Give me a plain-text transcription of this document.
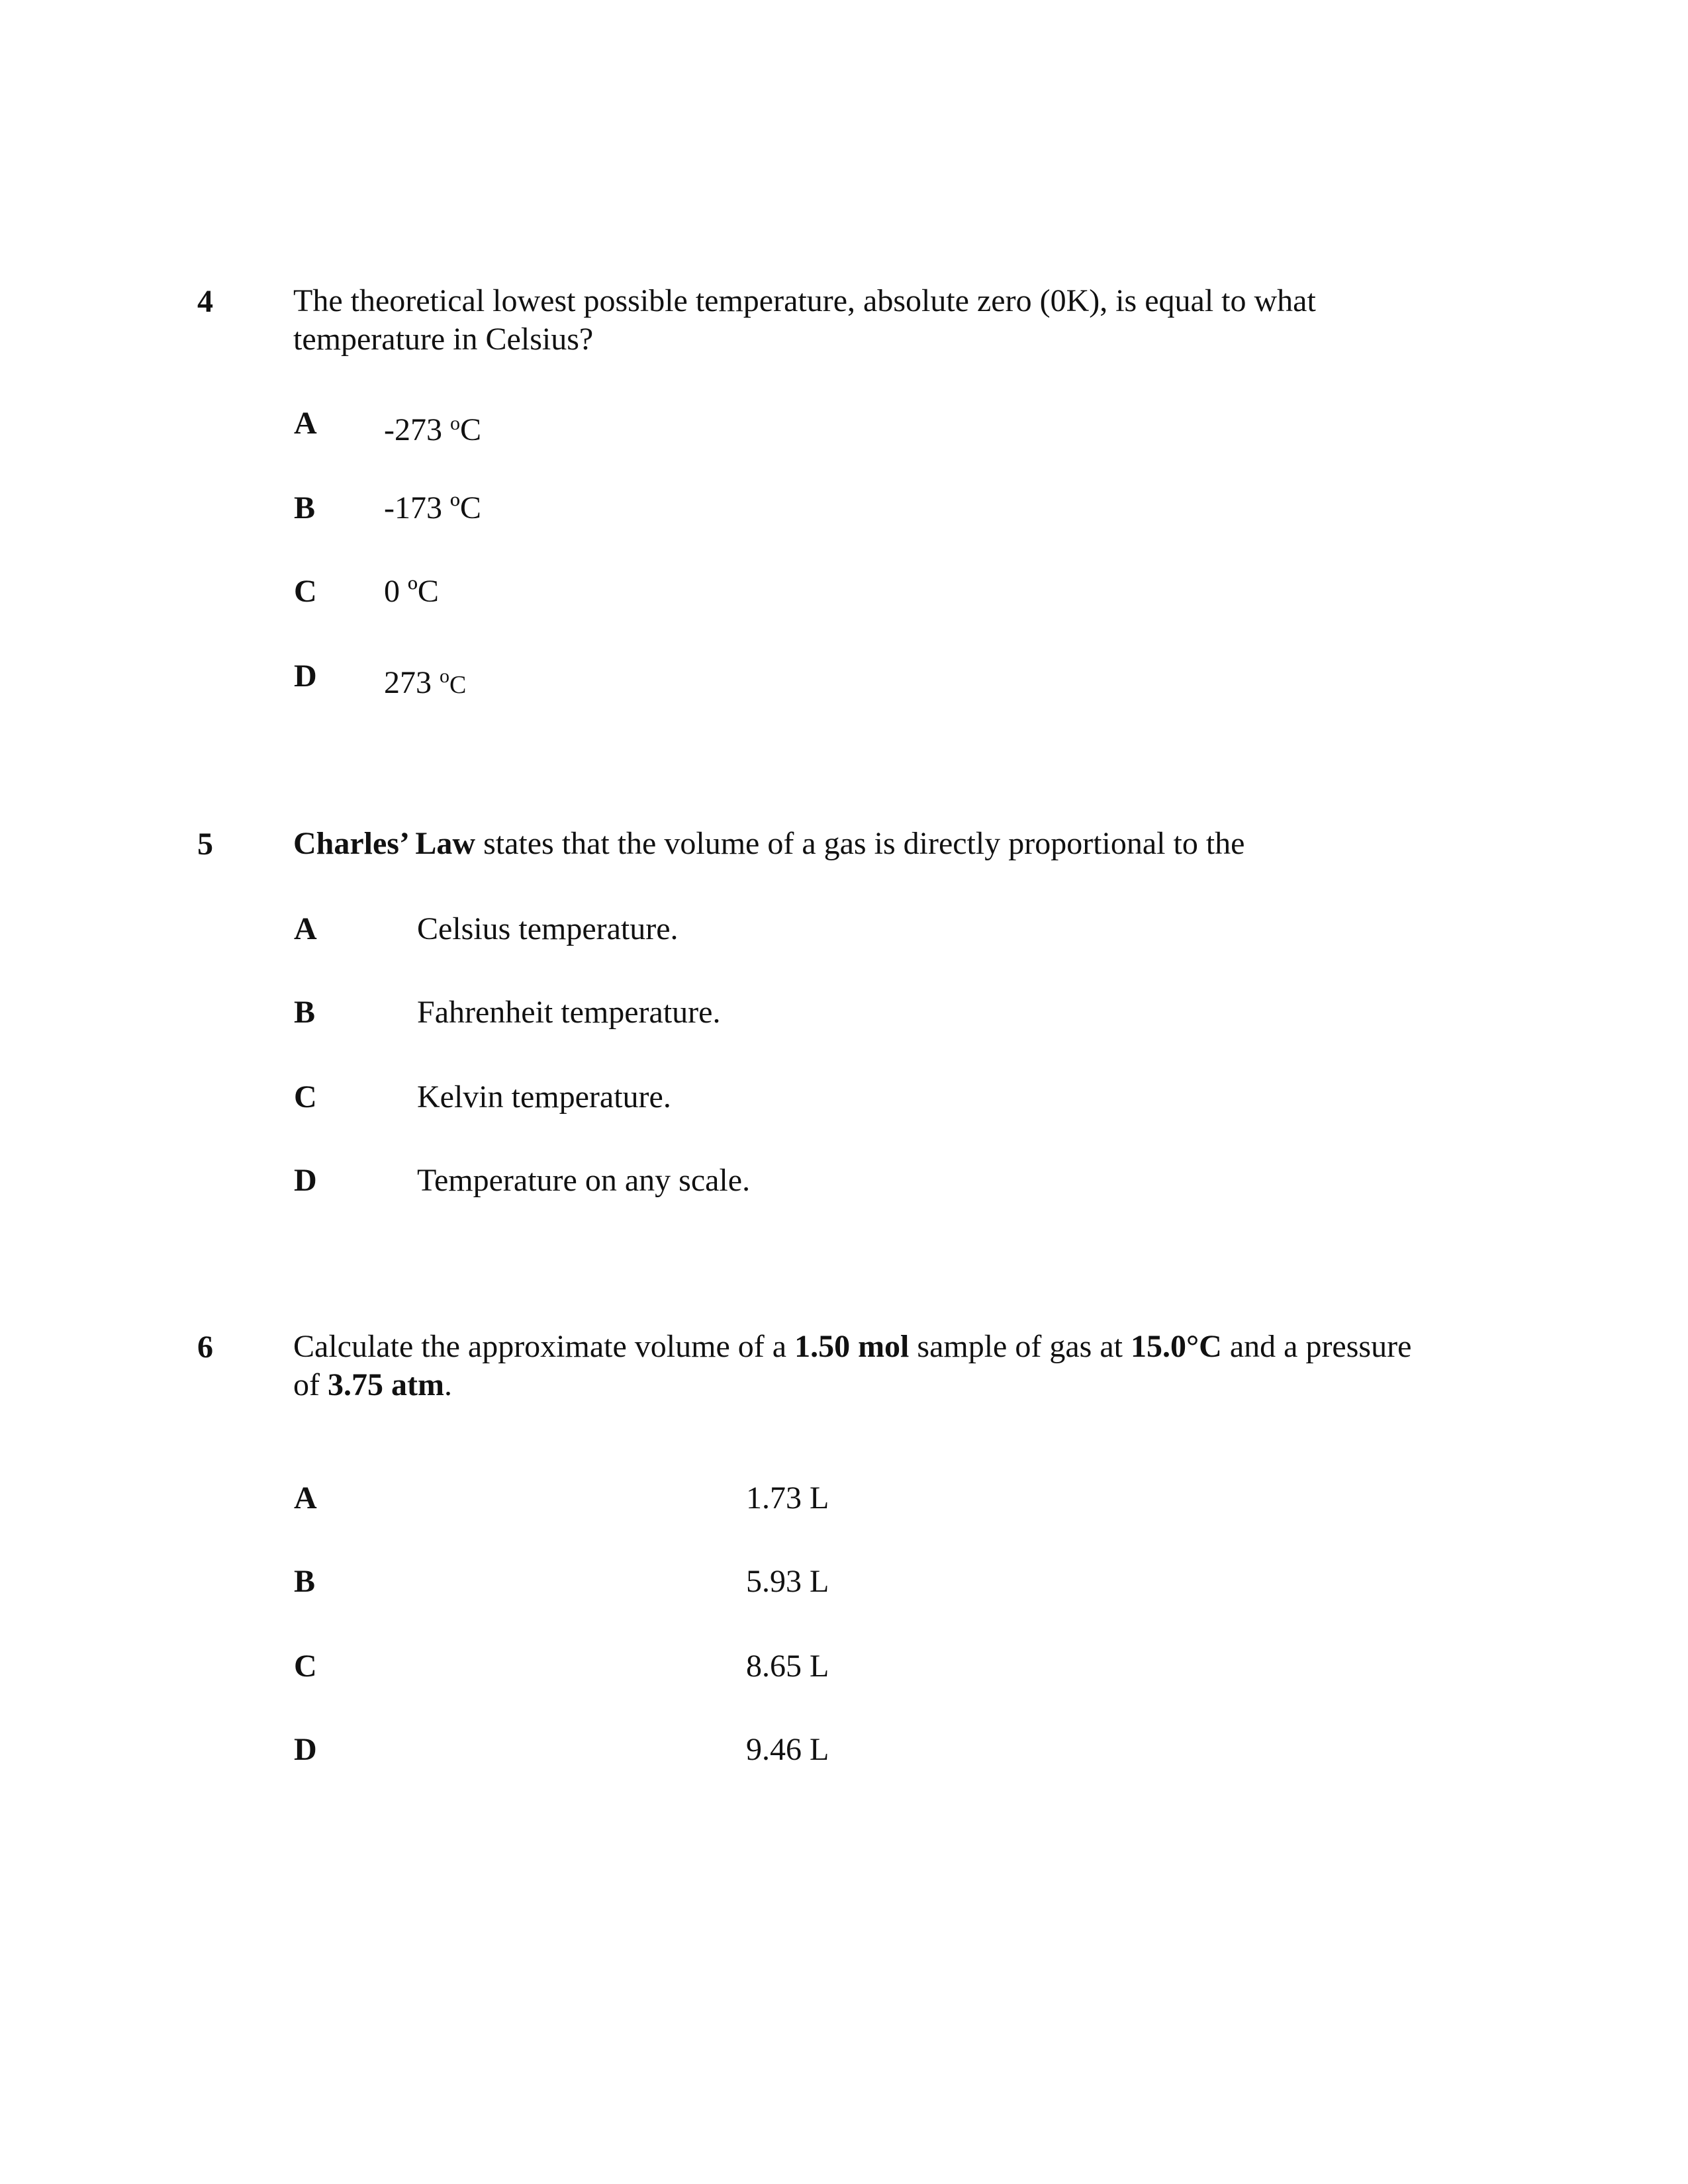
4	The theoretical lowest possible temperature, absolute zero (0K), is equal to what
temperature in Celsius?
A -273 $^o$C
B -173 ºC
C 0 ºC
D 273 $^o$C
5	Charles’ Law states that the volume of a gas is directly proportional to the
A	Celsius temperature.
B	Fahrenheit temperature.
C	Kelvin temperature.
D	Temperature on any scale.
6	Calculate the approximate volume of a 1.50 mol sample of gas at 15.0°C and a pressure
of 3.75 atm.
A	1.73 L
B	5.93 L
C	8.65 L
D	9.46 L
